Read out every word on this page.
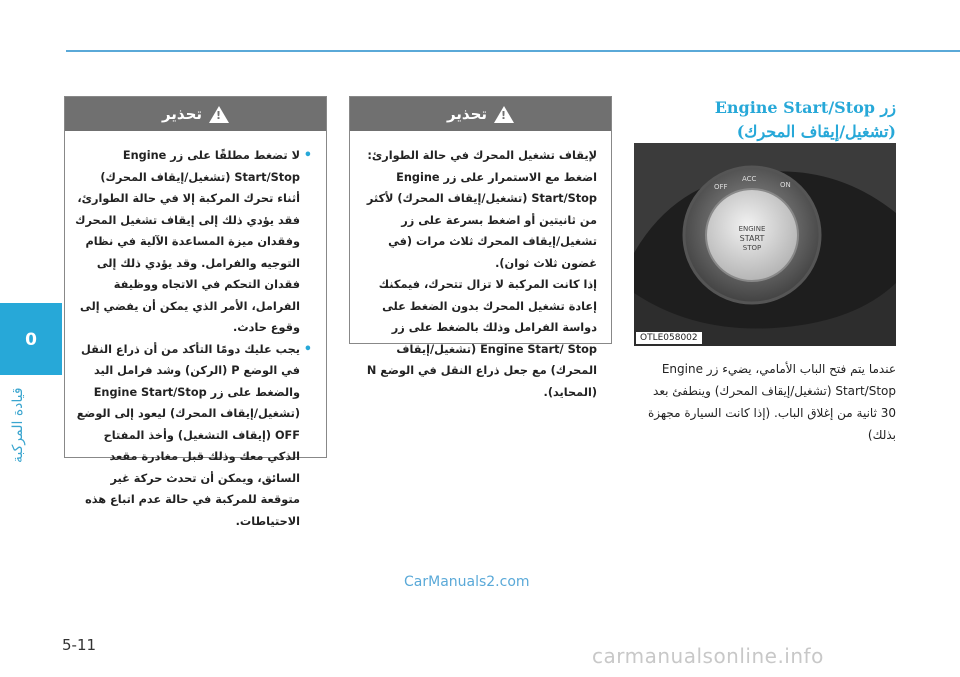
0
قيادة المركبة
!
تحذير
• لا تضغط مطلقًا على زر Engine Start/Stop (تشغيل/إيقاف المحرك) أثناء تحرك المركبة إلا في حالة الطوارئ، فقد يؤدي ذلك إلى إيقاف تشغيل المحرك وفقدان ميزة المساعدة الآلية في نظام التوجيه والفرامل. وقد يؤدي ذلك إلى فقدان التحكم في الاتجاه ووظيفة الفرامل، الأمر الذي يمكن أن يفضي إلى وقوع حادث.
• يجب عليك دومًا التأكد من أن ذراع النقل في الوضع P (الركن) وشد فرامل اليد والضغط على زر Engine Start/Stop (تشغيل/إيقاف المحرك) ليعود إلى الوضع OFF (إيقاف التشغيل) وأخذ المفتاح الذكي معك وذلك قبل مغادرة مقعد السائق، ويمكن أن تحدث حركة غير متوقعة للمركبة في حالة عدم اتباع هذه الاحتياطات.
!
تحذير
لإيقاف تشغيل المحرك في حالة الطوارئ:
اضغط مع الاستمرار على زر Engine Start/Stop (تشغيل/إيقاف المحرك) لأكثر من ثانيتين أو اضغط بسرعة على زر تشغيل/إيقاف المحرك ثلاث مرات (في غضون ثلاث ثوان).
إذا كانت المركبة لا تزال تتحرك، فيمكنك إعادة تشغيل المحرك بدون الضغط على دواسة الفرامل وذلك بالضغط على زر Engine Start/ Stop (تشغيل/إيقاف المحرك) مع جعل ذراع النقل في الوضع N (المحايد).
زر Engine Start/Stop
(تشغيل/إيقاف المحرك)
ENGINE
START
STOP
OFF
ACC
ON
OTLE058002
عندما يتم فتح الباب الأمامي، يضيء زر Engine Start/Stop (تشغيل/إيقاف المحرك) وينطفئ بعد 30 ثانية من إغلاق الباب. (إذا كانت السيارة مجهزة بذلك)
CarManuals2.com
carmanualsonline.info
5-11
